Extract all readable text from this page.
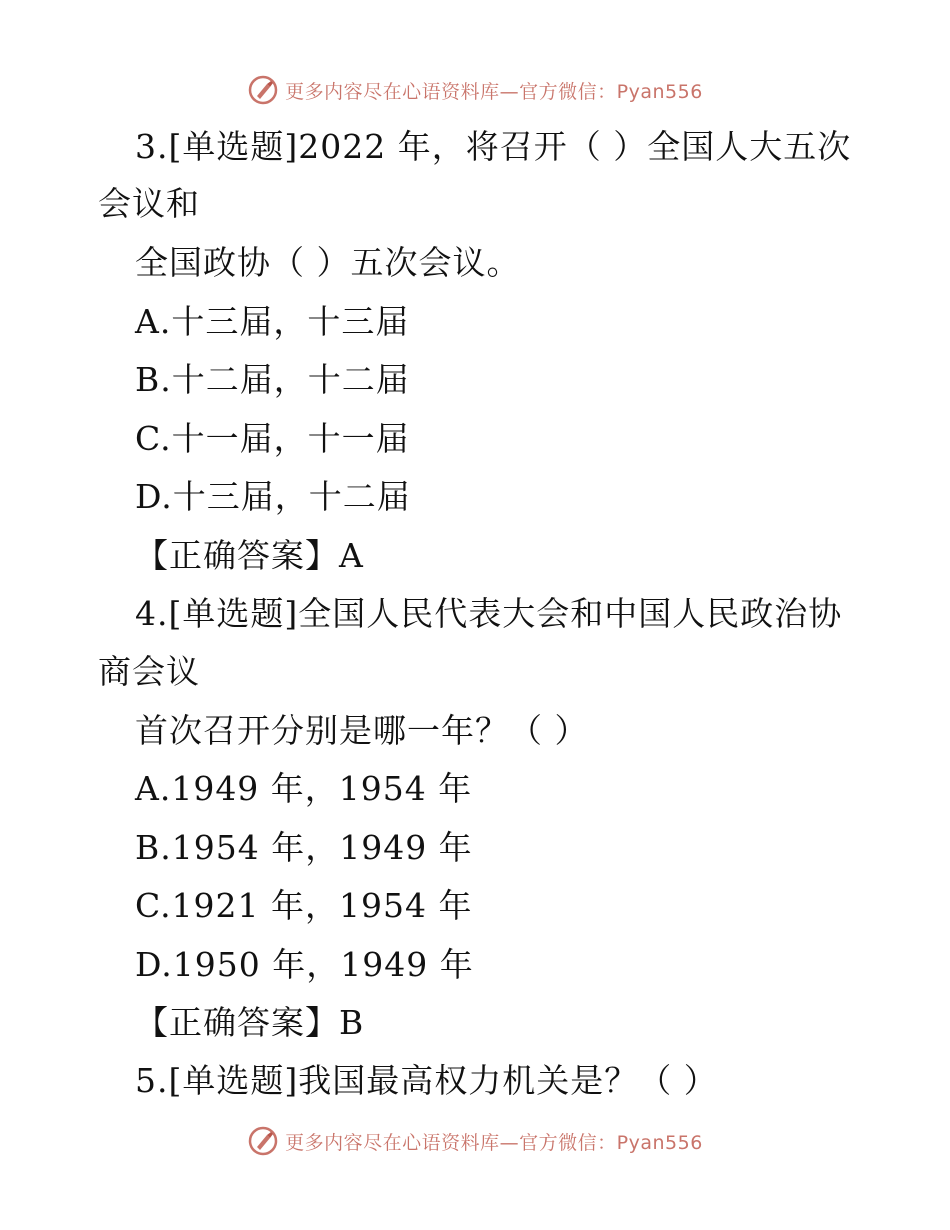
更多内容尽在心语资料库—官方微信：Pyan556
3.[单选题]2022 年，将召开（ ）全国人大五次
会议和
全国政协（ ）五次会议。
A.十三届，十三届
B.十二届，十二届
C.十一届，十一届
D.十三届，十二届
【正确答案】A
4.[单选题]全国人民代表大会和中国人民政治协
商会议
首次召开分别是哪一年？（ ）
A.1949 年，1954 年
B.1954 年，1949 年
C.1921 年，1954 年
D.1950 年，1949 年
【正确答案】B
5.[单选题]我国最高权力机关是？（ ）
更多内容尽在心语资料库—官方微信：Pyan556
